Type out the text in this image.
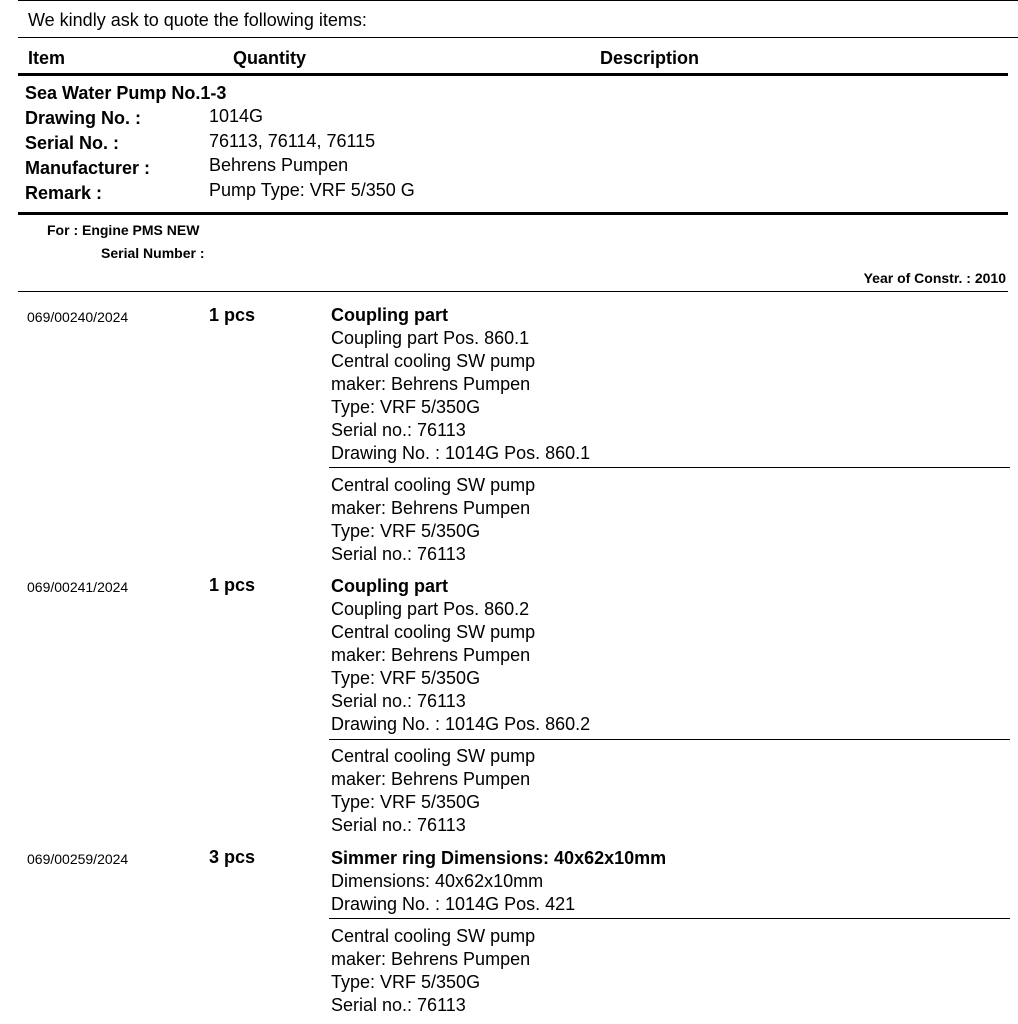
We kindly ask to quote the following items:
Item	Quantity	Description
Sea Water Pump No.1-3
Drawing No. :	1014G
Serial No. :	76113, 76114, 76115
Manufacturer :	Behrens Pumpen
Remark :	Pump Type: VRF 5/350 G
For : Engine PMS NEW
Serial Number :
Year of Constr. : 2010
069/00240/2024	1 pcs	Coupling part
Coupling part Pos. 860.1
Central cooling SW pump
maker: Behrens Pumpen
Type: VRF 5/350G
Serial no.: 76113
Drawing No. : 1014G Pos. 860.1
Central cooling SW pump
maker: Behrens Pumpen
Type: VRF 5/350G
Serial no.: 76113
069/00241/2024	1 pcs	Coupling part
Coupling part Pos. 860.2
Central cooling SW pump
maker: Behrens Pumpen
Type: VRF 5/350G
Serial no.: 76113
Drawing No. : 1014G Pos. 860.2
Central cooling SW pump
maker: Behrens Pumpen
Type: VRF 5/350G
Serial no.: 76113
069/00259/2024	3 pcs	Simmer ring Dimensions: 40x62x10mm
Dimensions: 40x62x10mm
Drawing No. : 1014G Pos. 421
Central cooling SW pump
maker: Behrens Pumpen
Type: VRF 5/350G
Serial no.: 76113
